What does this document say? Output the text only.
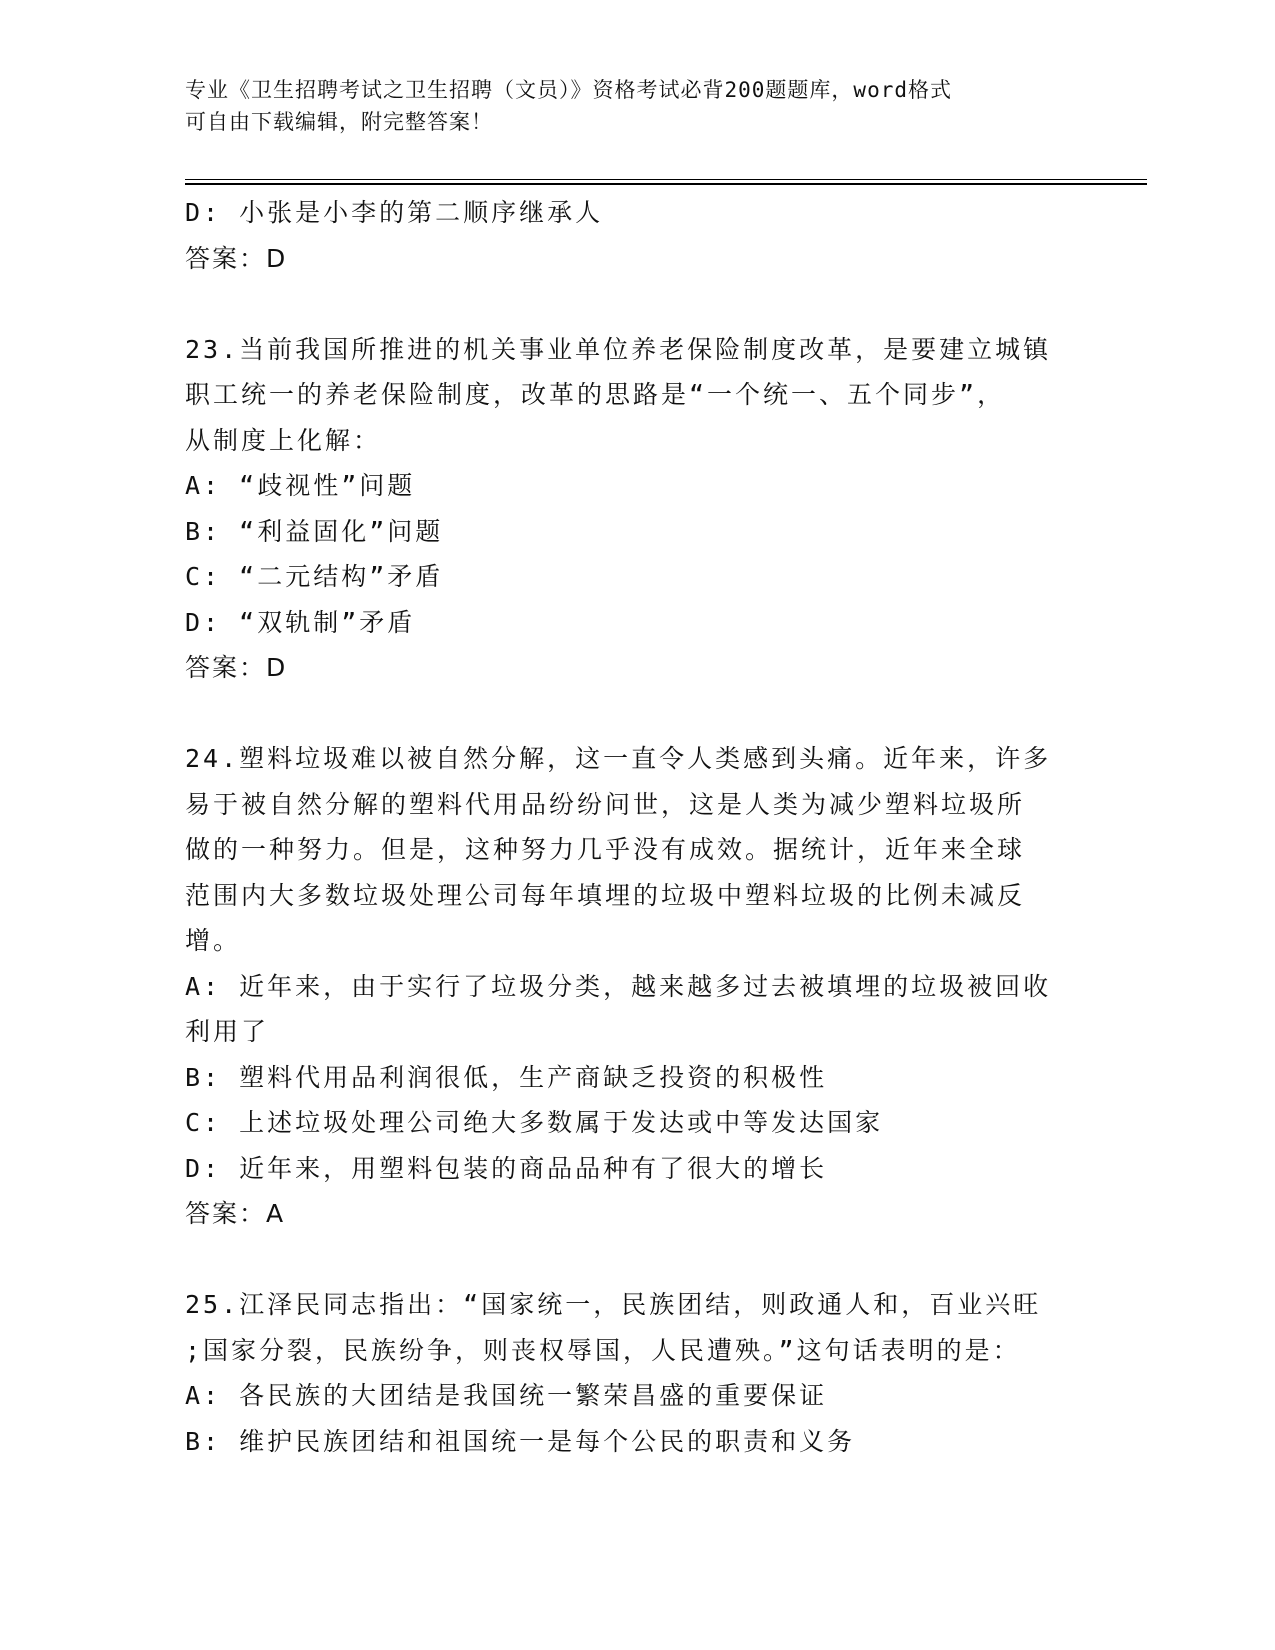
专业《卫生招聘考试之卫生招聘（文员）》资格考试必背200题题库，word格式
可自由下载编辑，附完整答案！
D: 小张是小李的第二顺序继承人
答案：D
23.当前我国所推进的机关事业单位养老保险制度改革，是要建立城镇
职工统一的养老保险制度，改革的思路是“一个统一、五个同步”，
从制度上化解：
A: “歧视性”问题
B: “利益固化”问题
C: “二元结构”矛盾
D: “双轨制”矛盾
答案：D
24.塑料垃圾难以被自然分解，这一直令人类感到头痛。近年来，许多
易于被自然分解的塑料代用品纷纷问世，这是人类为减少塑料垃圾所
做的一种努力。但是，这种努力几乎没有成效。据统计，近年来全球
范围内大多数垃圾处理公司每年填埋的垃圾中塑料垃圾的比例未减反
增。
A: 近年来，由于实行了垃圾分类，越来越多过去被填埋的垃圾被回收
利用了
B: 塑料代用品利润很低，生产商缺乏投资的积极性
C: 上述垃圾处理公司绝大多数属于发达或中等发达国家
D: 近年来，用塑料包装的商品品种有了很大的增长
答案：A
25.江泽民同志指出：“国家统一，民族团结，则政通人和，百业兴旺
;国家分裂，民族纷争，则丧权辱国，人民遭殃。”这句话表明的是：
A: 各民族的大团结是我国统一繁荣昌盛的重要保证
B: 维护民族团结和祖国统一是每个公民的职责和义务
